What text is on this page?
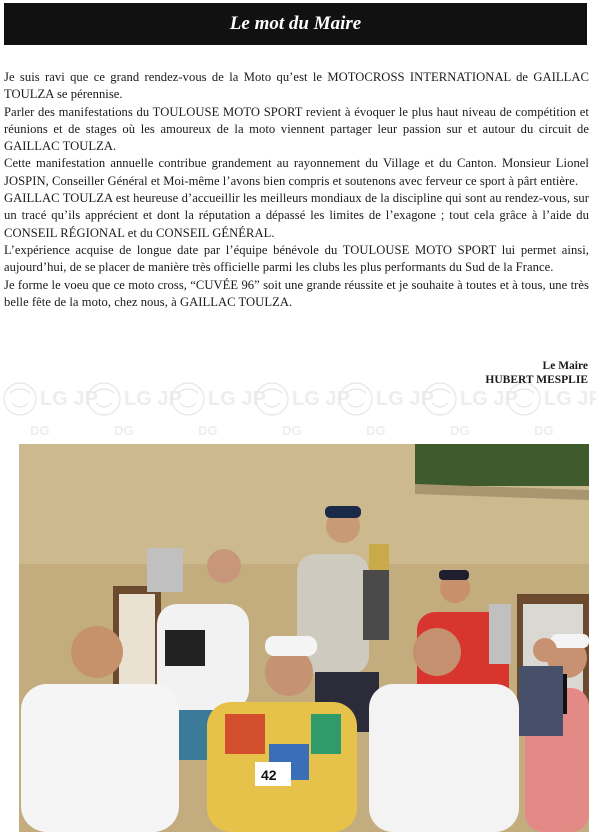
Le mot du Maire

Je suis ravi que ce grand rendez-vous de la Moto qu’est le MOTOCROSS INTERNATIONAL de GAILLAC TOULZA se pérennise.

Parler des manifestations du TOULOUSE MOTO SPORT revient à évoquer le plus haut niveau de compétition et réunions et de stages où les amoureux de la moto viennent partager leur passion sur et autour du circuit de GAILLAC TOULZA.

Cette manifestation annuelle contribue grandement au rayonnement du Village et du Canton. Monsieur Lionel JOSPIN, Conseiller Général et Moi-même l’avons bien compris et soutenons avec ferveur ce sport à pârt entière.

GAILLAC TOULZA est heureuse d’accueillir les meilleurs mondiaux de la discipline qui sont au rendez-vous, sur un tracé qu’ils apprécient et dont la réputation a dépassé les limites de l’exagone ; tout cela grâce à l’aide du CONSEIL RÉGIONAL et du CONSEIL GÉNÉRAL.

L’expérience acquise de longue date par l’équipe bénévole du TOULOUSE MOTO SPORT lui permet ainsi, aujourd’hui, de se placer de manière très officielle parmi les clubs les plus performants du Sud de la France.

Je forme le voeu que ce moto cross, “CUVÉE 96” soit une grande réussite et je souhaite à toutes et à tous, une très belle fête de la moto, chez nous, à GAILLAC TOULZA.

Le Maire
HUBERT MESPLIE
LG JP
DG
42
